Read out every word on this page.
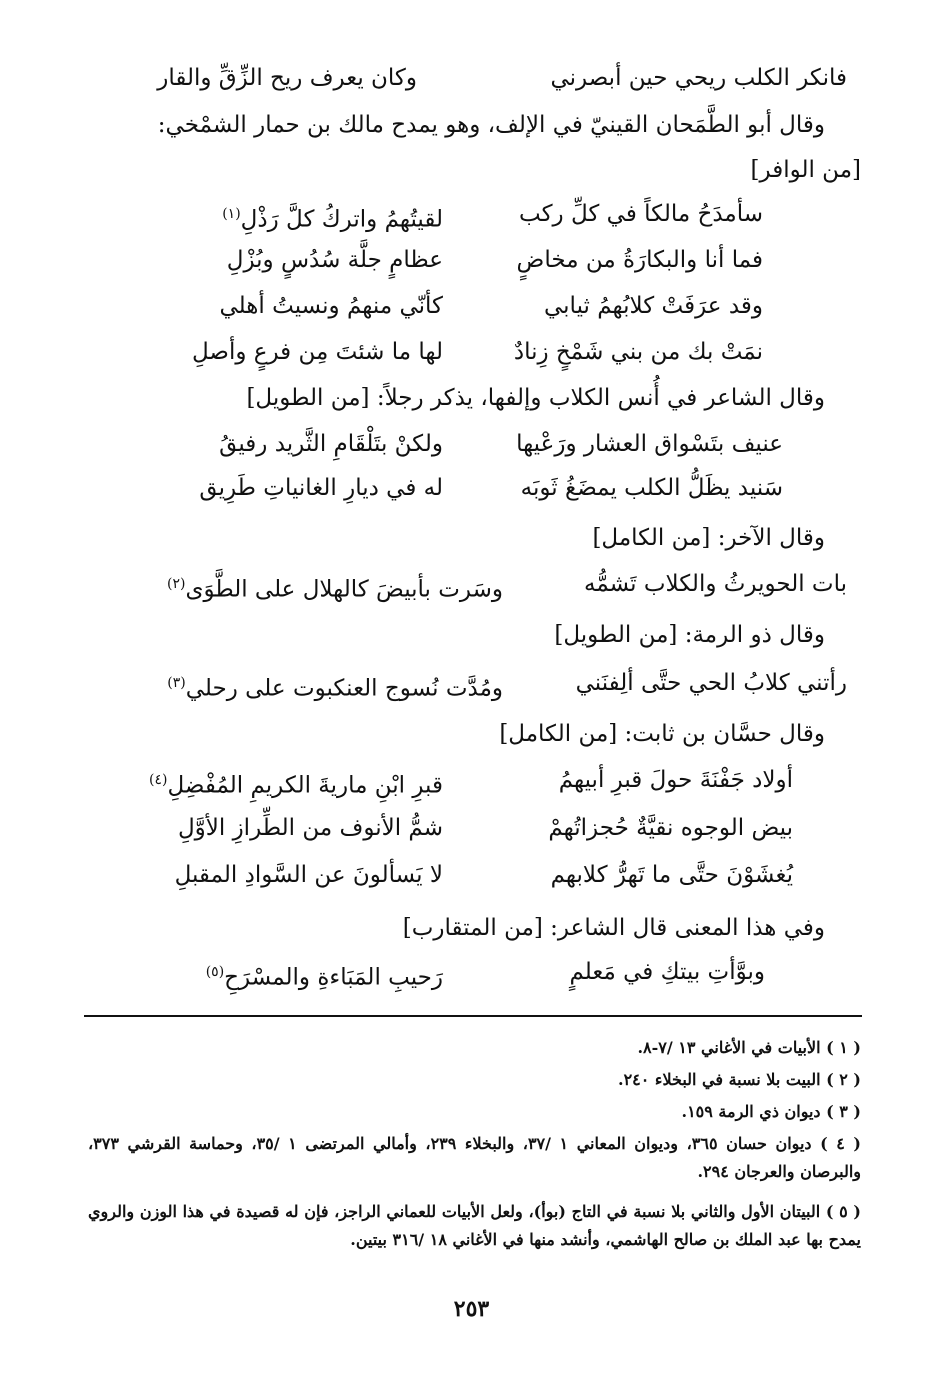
فانكر الكلب ريحي حين أبصرني
وكان يعرف ريح الزِّقِّ والقار
وقال أبو الطَّمَحان القينيّ في الإلف، وهو يمدح مالك بن حمار الشمْخي:
[من الوافر]
سأمدَحُ مالكاً في كلِّ ركب
لقيتُهمُ واتركُ كلَّ رَذْلِ$^{(١)}$
فما أنا والبكارَةُ من مخاضٍ
عظامٍ جلَّة سُدُسٍ وبُزْلِ
وقد عرَفَتْ كلابُهمُ ثيابي
كأنّي منهمُ ونسيتُ أهلي
نمَتْ بك من بني شَمْخٍ زِنادٌ
لها ما شئتَ مِن فرعٍ وأصلِ
وقال الشاعر في أُنس الكلاب وإلفها، يذكر رجلاً: [من الطويل]
عنيف بتَسْواق العشار ورَعْيها
ولكنْ بتَلْقَامِ الثَّريد رفيقُ
سَنيد يظَلُّ الكلب يمضَغُ ثَوبَه
له في ديارِ الغانياتِ طَرِيق
وقال الآخر: [من الكامل]
بات الحويرثُ والكلاب تَشمُّه
وسَرت بأبيضَ كالهلال على الطَّوَى$^{(٢)}$
وقال ذو الرمة: [من الطويل]
رأتني كلابُ الحي حتَّى ألِفنَني
ومُدَّت نُسوج العنكبوت على رحلي$^{(٣)}$
وقال حسَّان بن ثابت: [من الكامل]
أولاد جَفْنَةَ حولَ قبرِ أبيهمُ
قبرِ ابْنِ ماريةَ الكريمِ المُفْضِلِ$^{(٤)}$
بيض الوجوه نقيَّةٌ حُجزاتُهمْ
شمُّ الأنوف من الطِّرازِ الأوَّلِ
يُغشَوْنَ حتَّى ما تَهرُّ كلابهم
لا يَسألونَ عن السَّوادِ المقبلِ
وفي هذا المعنى قال الشاعر: [من المتقارب]
وبوَّأتِ بيتكِ في مَعلمٍ
رَحيبِ المَبَاءةِ والمسْرَحِ$^{(٥)}$
( ١ ) الأبيات في الأغاني ١٣ /٧-٨.
( ٢ ) البيت بلا نسبة في البخلاء ٢٤٠.
( ٣ ) ديوان ذي الرمة ١٥٩.
( ٤ ) ديوان حسان ٣٦٥، وديوان المعاني ١ /٣٧، والبخلاء ٢٣٩، وأمالي المرتضى ١ /٣٥، وحماسة القرشي ٣٧٣، والبرصان والعرجان ٢٩٤.
( ٥ ) البيتان الأول والثاني بلا نسبة في التاج (بوأ)، ولعل الأبيات للعماني الراجز، فإن له قصيدة في هذا الوزن والروي يمدح بها عبد الملك بن صالح الهاشمي، وأنشد منها في الأغاني ١٨ /٣١٦ بيتين.
٢٥٣
